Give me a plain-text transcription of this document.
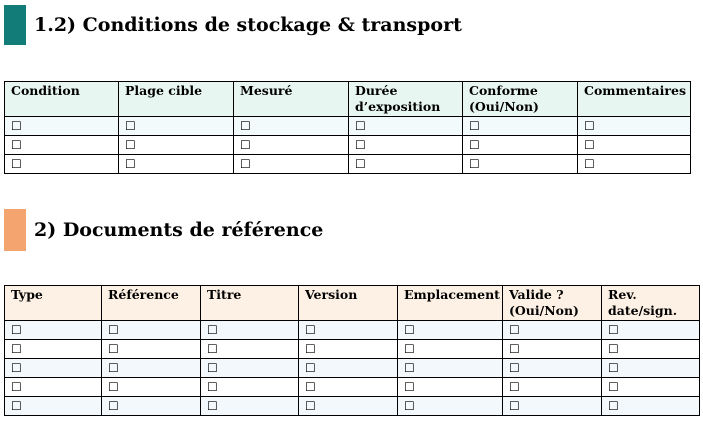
1.2) Conditions de stockage & transport
Condition	Plage cible	Mesuré	Durée d’exposition	Conforme (Oui/Non)	Commentaires
☐	☐	☐	☐	☐	☐
☐	☐	☐	☐	☐	☐
☐	☐	☐	☐	☐	☐
2) Documents de référence
Type	Référence	Titre	Version	Emplacement	Valide ? (Oui/Non)	Rev. date/sign.
☐	☐	☐	☐	☐	☐	☐
☐	☐	☐	☐	☐	☐	☐
☐	☐	☐	☐	☐	☐	☐
☐	☐	☐	☐	☐	☐	☐
☐	☐	☐	☐	☐	☐	☐
